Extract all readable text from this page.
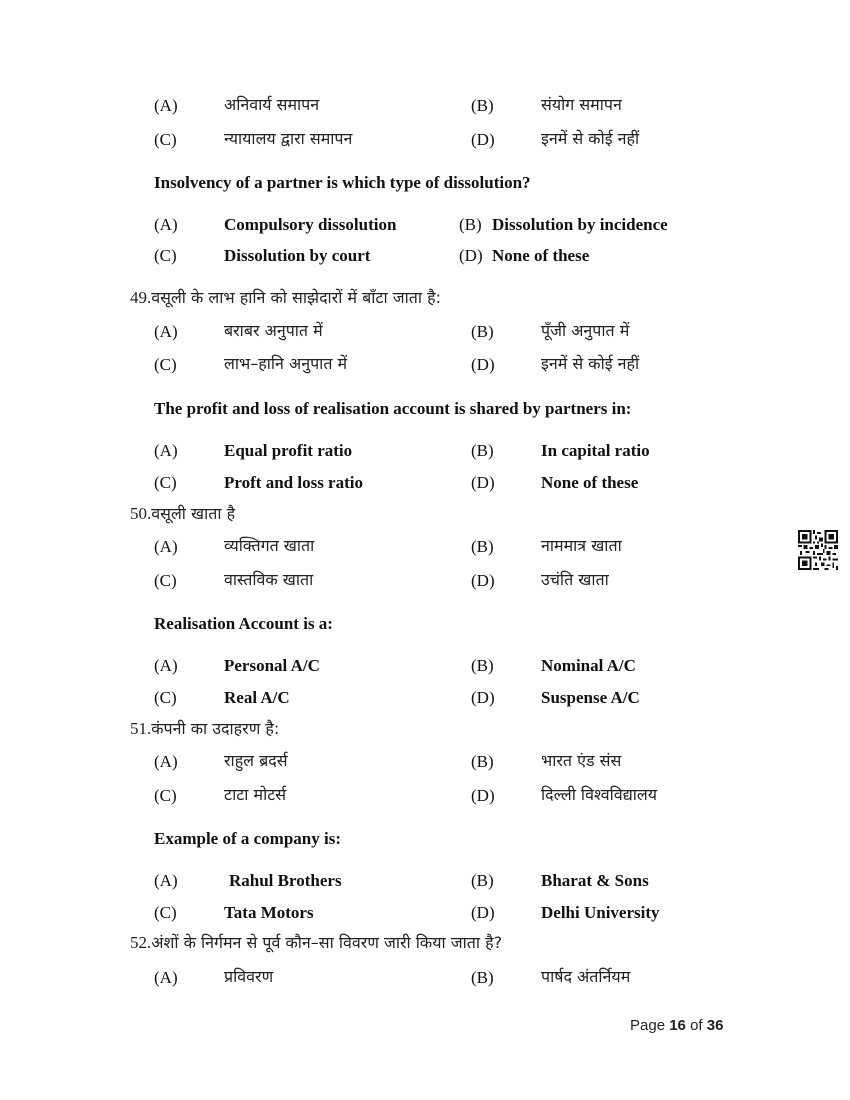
(A)	अनिवार्य समापन	(B)	संयोग समापन
(C)	न्यायालय द्वारा समापन	(D)	इनमें से कोई नहीं
Insolvency of a partner is which type of dissolution?
(A)	Compulsory dissolution	(B) Dissolution by incidence
(C)	Dissolution by court	(D) None of these
49.वसूली के लाभ हानि को साझेदारों में बाँटा जाता है:
(A)	बराबर अनुपात में	(B)	पूँजी अनुपात में
(C)	लाभ–हानि अनुपात में	(D)	इनमें से कोई नहीं
The profit and loss of realisation account is shared by partners in:
(A)	Equal profit ratio	(B)	In capital ratio
(C)	Proft and loss ratio	(D)	None of these
50.वसूली खाता है
(A)	व्यक्तिगत खाता	(B)	नाममात्र खाता
(C)	वास्तविक खाता	(D)	उचंति खाता
Realisation Account is a:
(A)	Personal A/C	(B)	Nominal A/C
(C)	Real A/C	(D)	Suspense A/C
51.कंपनी का उदाहरण है:
(A)	राहुल ब्रदर्स	(B)	भारत एंड संस
(C)	टाटा मोटर्स	(D)	दिल्ली विश्वविद्यालय
Example of a company is:
(A)	Rahul Brothers	(B)	Bharat & Sons
(C)	Tata Motors	(D)	Delhi University
52.अंशों के निर्गमन से पूर्व कौन–सा विवरण जारी किया जाता है?
(A)	प्रविवरण	(B)	पार्षद अंतर्नियम
Page 16 of 36
